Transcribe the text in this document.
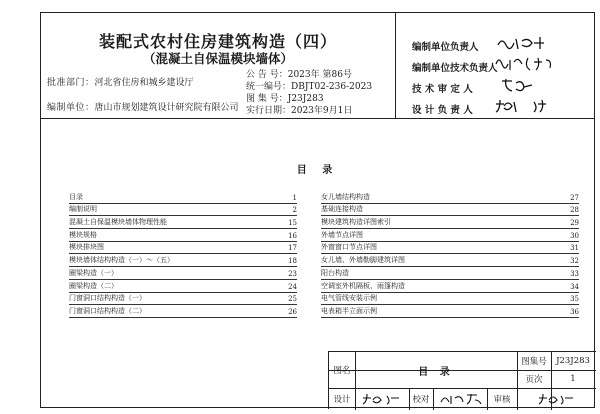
装配式农村住房建筑构造（四）
（混凝土自保温模块墙体）
批准部门：河北省住房和城乡建设厅
编制单位：唐山市规划建筑设计研究院有限公司
公 告 号：2023年 第86号
统一编号：DBJT02-236-2023
图 集 号：J23J283
实行日期：2023年9月1日
编制单位负责人
编制单位技术负责人
技 术 审 定 人
设 计 负 责 人
目 录
目录	1
编制说明	2
混凝土自保温模块墙体物理性能	15
模块规格	16
模块排块图	17
模块墙体结构构造（一）～（五）	18
圈梁构造（一）	23
圈梁构造（二）	24
门窗洞口结构构造（一）	25
门窗洞口结构构造（二）	26
女儿墙结构构造	27
基础连接构造	28
模块建筑构造详图索引	29
外墙节点详图	30
外窗窗口节点详图	31
女儿墙、外墙勒脚建筑详图	32
阳台构造	33
空调室外机隔板、雨篷构造	34
电气管线安装示例	35
电表箱半立面示例	36
图名	目 录
图集号	J23J283
页次	1
设计	校对	审核
